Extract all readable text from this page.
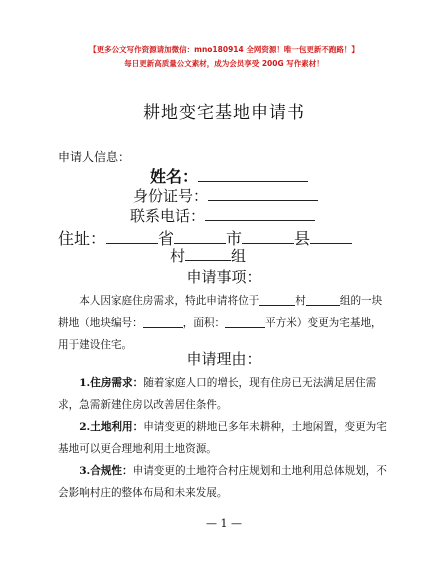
【更多公文写作资源请加微信：mno180914 全网资源！唯一包更新不跑路！】
每日更新高质量公文素材，成为会员享受 200G 写作素材！
耕地变宅基地申请书
申请人信息：
姓名：
身份证号：
联系电话：
住址：	省	市	县
村	组
申请事项：
本人因家庭住房需求，特此申请将位于	村	组的一块耕地（地块编号：	，面积：	平方米）变更为宅基地，用于建设住宅。
申请理由：
1.住房需求：随着家庭人口的增长，现有住房已无法满足居住需求，急需新建住房以改善居住条件。
2.土地利用：申请变更的耕地已多年未耕种，土地闲置，变更为宅基地可以更合理地利用土地资源。
3.合规性：申请变更的土地符合村庄规划和土地利用总体规划，不会影响村庄的整体布局和未来发展。
— 1 —
